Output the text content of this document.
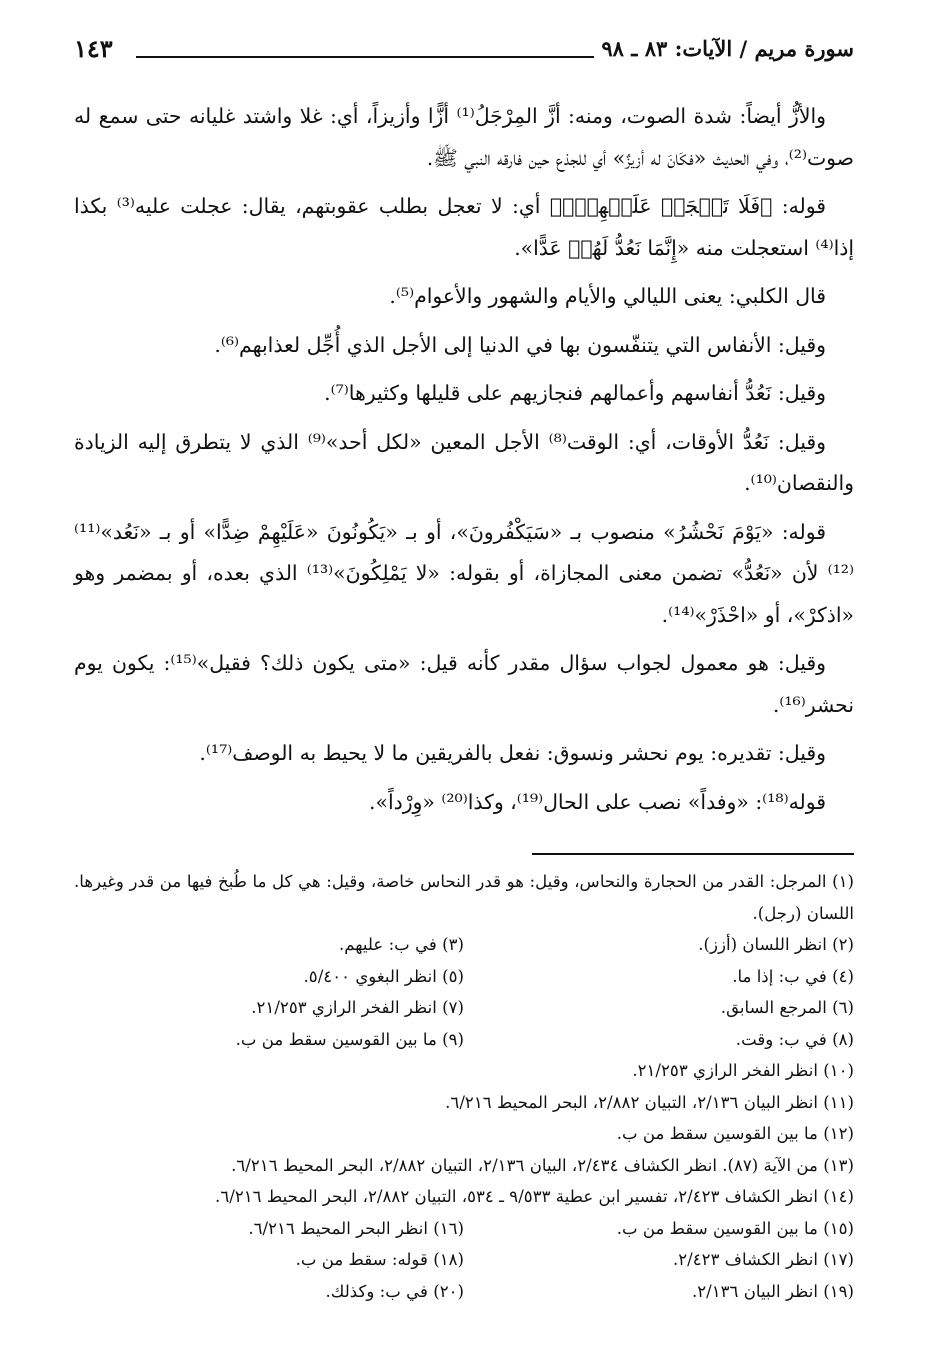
سورة مريم / الآيات: ٨٣ ـ ٩٨
١٤٣

والأزُّ أيضاً: شدة الصوت، ومنه: أزَّ المِرْجَلُ⁽¹⁾ أزًّا وأزيزاً، أي: غلا واشتد غليانه حتى سمع له صوت⁽²⁾، وفي الحديث «فكَانَ له أزيزٌ» أي للجذع حين فارقه النبي ﷺ.

قوله: ﴿فَلَا تَعۡجَلۡ عَلَيۡهِمۡۖ﴾ أي: لا تعجل بطلب عقوبتهم، يقال: عجلت عليه⁽³⁾ بكذا إذا⁽⁴⁾ استعجلت منه «إِنَّمَا نَعُدُّ لَهُمۡ عَدًّا».

قال الكلبي: يعنى الليالي والأيام والشهور والأعوام⁽⁵⁾.

وقيل: الأنفاس التي يتنفّسون بها في الدنيا إلى الأجل الذي أُجِّل لعذابهم⁽⁶⁾.

وقيل: نَعُدُّ أنفاسهم وأعمالهم فنجازيهم على قليلها وكثيرها⁽⁷⁾.

وقيل: نَعُدُّ الأوقات، أي: الوقت⁽⁸⁾ الأجل المعين «لكل أحد»⁽⁹⁾ الذي لا يتطرق إليه الزيادة والنقصان⁽¹⁰⁾.

قوله: «يَوْمَ نَحْشُرُ» منصوب بـ «سَيَكْفُرونَ»، أو بـ «يَكُونُونَ «عَلَيْهِمْ ضِدًّا» أو بـ «نَعُد»⁽¹¹⁾ ⁽¹²⁾ لأن «نَعُدُّ» تضمن معنى المجازاة، أو بقوله: «لا يَمْلِكُونَ»⁽¹³⁾ الذي بعده، أو بمضمر وهو «اذكرْ»، أو «احْذَرْ»⁽¹⁴⁾.

وقيل: هو معمول لجواب سؤال مقدر كأنه قيل: «متى يكون ذلك؟ فقيل»⁽¹⁵⁾: يكون يوم نحشر⁽¹⁶⁾.

وقيل: تقديره: يوم نحشر ونسوق: نفعل بالفريقين ما لا يحيط به الوصف⁽¹⁷⁾.

قوله⁽¹⁸⁾: «وفداً» نصب على الحال⁽¹⁹⁾، وكذا⁽²⁰⁾ «وِرْداً».

(١) المرجل: القدر من الحجارة والنحاس، وقيل: هو قدر النحاس خاصة، وقيل: هي كل ما طُبخ فيها من قدر وغيرها. اللسان (رجل).

(٢) انظر اللسان (أزز).
(٣) في ب: عليهم.
(٤) في ب: إذا ما.
(٥) انظر البغوي ٥/٤٠٠.
(٦) المرجع السابق.
(٧) انظر الفخر الرازي ٢١/٢٥٣.
(٨) في ب: وقت.
(٩) ما بين القوسين سقط من ب.

(١٠) انظر الفخر الرازي ٢١/٢٥٣.

(١١) انظر البيان ٢/١٣٦، التبيان ٢/٨٨٢، البحر المحيط ٦/٢١٦.

(١٢) ما بين القوسين سقط من ب.

(١٣) من الآية (٨٧). انظر الكشاف ٢/٤٣٤، البيان ٢/١٣٦، التبيان ٢/٨٨٢، البحر المحيط ٦/٢١٦.

(١٤) انظر الكشاف ٢/٤٢٣، تفسير ابن عطية ٩/٥٣٣ ـ ٥٣٤، التبيان ٢/٨٨٢، البحر المحيط ٦/٢١٦.

(١٥) ما بين القوسين سقط من ب.
(١٦) انظر البحر المحيط ٦/٢١٦.
(١٧) انظر الكشاف ٢/٤٢٣.
(١٨) قوله: سقط من ب.
(١٩) انظر البيان ٢/١٣٦.
(٢٠) في ب: وكذلك.
